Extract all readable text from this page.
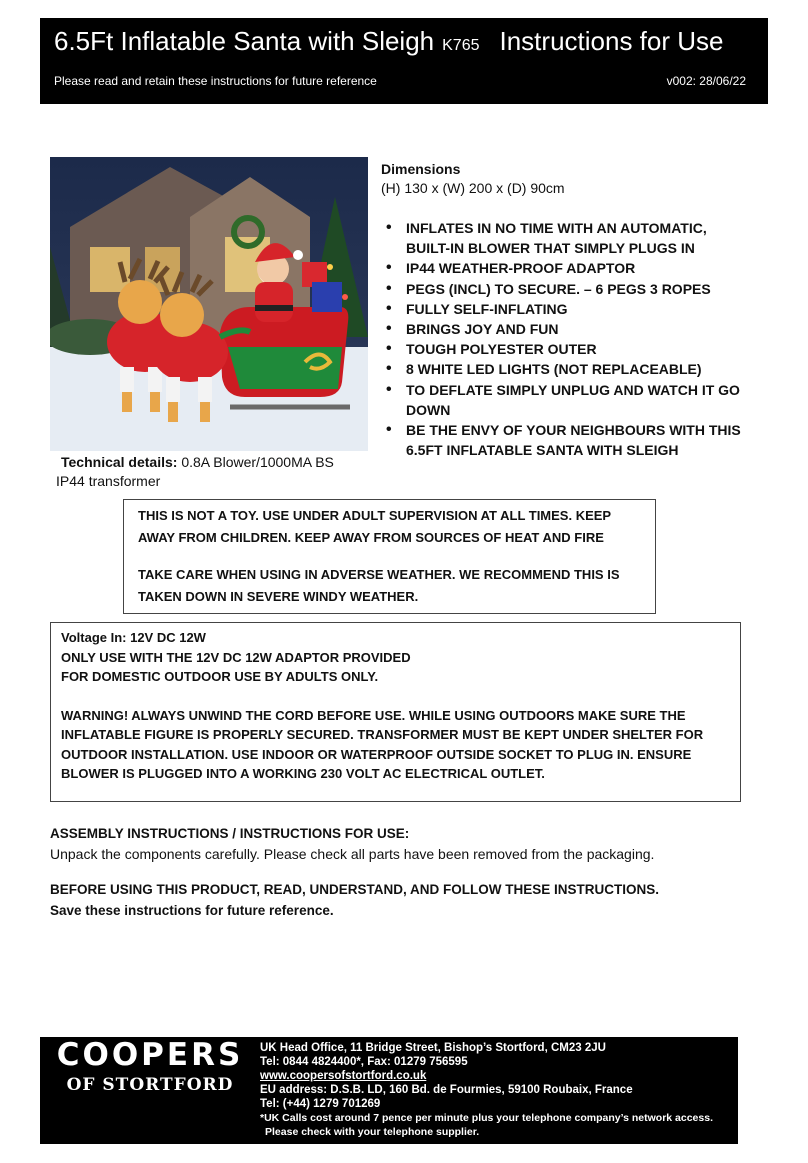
6.5Ft Inflatable Santa with Sleigh K765 Instructions for Use
Please read and retain these instructions for future reference	v002: 28/06/22
Technical details: 0.8A Blower/1000MA BS
IP44 transformer
Dimensions
(H) 130 x (W) 200 x (D) 90cm
• INFLATES IN NO TIME WITH AN AUTOMATIC, BUILT-IN BLOWER THAT SIMPLY PLUGS IN
• IP44 WEATHER-PROOF ADAPTOR
• PEGS (INCL) TO SECURE. – 6 PEGS 3 ROPES
• FULLY SELF-INFLATING
• BRINGS JOY AND FUN
• TOUGH POLYESTER OUTER
• 8 WHITE LED LIGHTS (NOT REPLACEABLE)
• TO DEFLATE SIMPLY UNPLUG AND WATCH IT GO DOWN
• BE THE ENVY OF YOUR NEIGHBOURS WITH THIS 6.5FT INFLATABLE SANTA WITH SLEIGH

THIS IS NOT A TOY. USE UNDER ADULT SUPERVISION AT ALL TIMES. KEEP AWAY FROM CHILDREN. KEEP AWAY FROM SOURCES OF HEAT AND FIRE

TAKE CARE WHEN USING IN ADVERSE WEATHER. WE RECOMMEND THIS IS TAKEN DOWN IN SEVERE WINDY WEATHER.

Voltage In: 12V DC 12W
ONLY USE WITH THE 12V DC 12W ADAPTOR PROVIDED
FOR DOMESTIC OUTDOOR USE BY ADULTS ONLY.

WARNING! ALWAYS UNWIND THE CORD BEFORE USE. WHILE USING OUTDOORS MAKE SURE THE INFLATABLE FIGURE IS PROPERLY SECURED. TRANSFORMER MUST BE KEPT UNDER SHELTER FOR OUTDOOR INSTALLATION. USE INDOOR OR WATERPROOF OUTSIDE SOCKET TO PLUG IN. ENSURE BLOWER IS PLUGGED INTO A WORKING 230 VOLT AC ELECTRICAL OUTLET.

ASSEMBLY INSTRUCTIONS / INSTRUCTIONS FOR USE:
Unpack the components carefully. Please check all parts have been removed from the packaging.
BEFORE USING THIS PRODUCT, READ, UNDERSTAND, AND FOLLOW THESE INSTRUCTIONS.
Save these instructions for future reference.
COOPERS
OF STORTFORD
UK Head Office, 11 Bridge Street, Bishop’s Stortford, CM23 2JU
Tel: 0844 4824400*, Fax: 01279 756595
www.coopersofstortford.co.uk
EU address: D.S.B. LD, 160 Bd. de Fourmies, 59100 Roubaix, France
Tel: (+44) 1279 701269
*UK Calls cost around 7 pence per minute plus your telephone company’s network access.
Please check with your telephone supplier.
